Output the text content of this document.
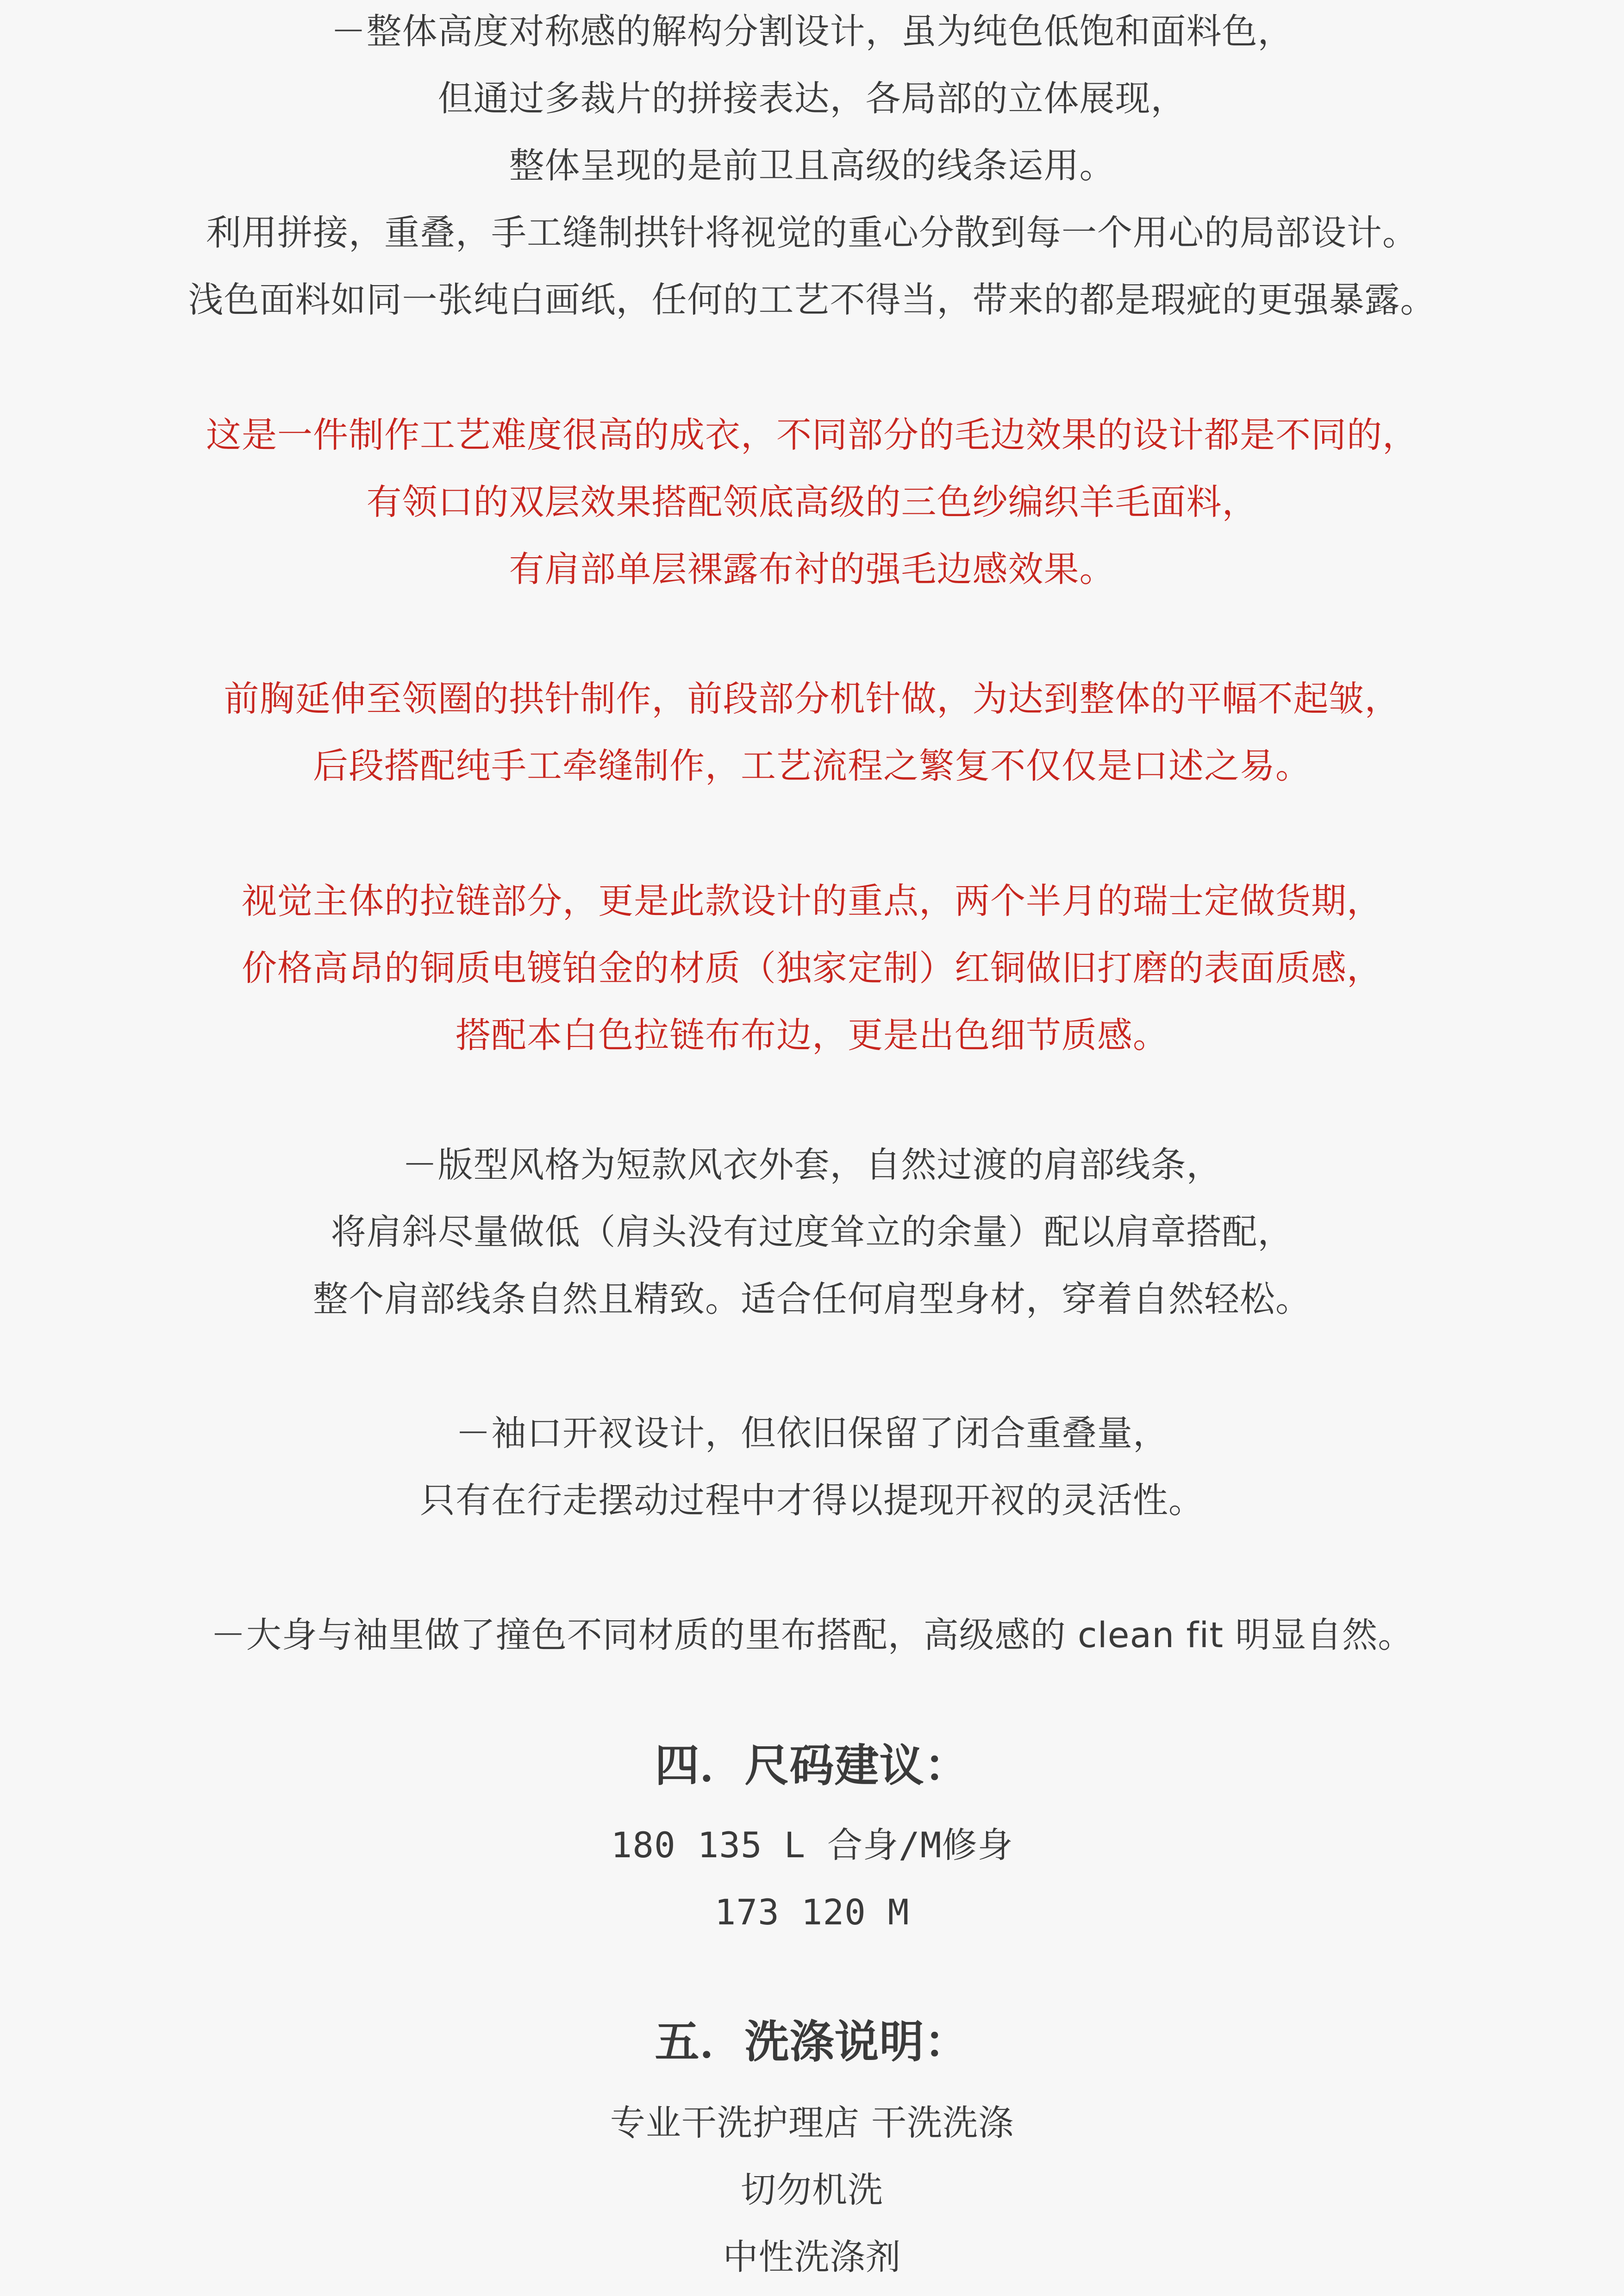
－整体高度对称感的解构分割设计，虽为纯色低饱和面料色，
但通过多裁片的拼接表达，各局部的立体展现，
整体呈现的是前卫且高级的线条运用。
利用拼接，重叠，手工缝制拱针将视觉的重心分散到每一个用心的局部设计。
浅色面料如同一张纯白画纸，任何的工艺不得当，带来的都是瑕疵的更强暴露。
这是一件制作工艺难度很高的成衣，不同部分的毛边效果的设计都是不同的，
有领口的双层效果搭配领底高级的三色纱编织羊毛面料，
有肩部单层裸露布衬的强毛边感效果。
前胸延伸至领圈的拱针制作，前段部分机针做，为达到整体的平幅不起皱，
后段搭配纯手工牵缝制作，工艺流程之繁复不仅仅是口述之易。
视觉主体的拉链部分，更是此款设计的重点，两个半月的瑞士定做货期，
价格高昂的铜质电镀铂金的材质（独家定制）红铜做旧打磨的表面质感，
搭配本白色拉链布布边，更是出色细节质感。
－版型风格为短款风衣外套，自然过渡的肩部线条，
将肩斜尽量做低（肩头没有过度耸立的余量）配以肩章搭配，
整个肩部线条自然且精致。适合任何肩型身材，穿着自然轻松。
－袖口开衩设计，但依旧保留了闭合重叠量，
只有在行走摆动过程中才得以提现开衩的灵活性。
－大身与袖里做了撞色不同材质的里布搭配，高级感的 clean fit 明显自然。
四．尺码建议：
180 135 L 合身/M修身
173 120 M
五．洗涤说明：
专业干洗护理店 干洗洗涤
切勿机洗
中性洗涤剂
